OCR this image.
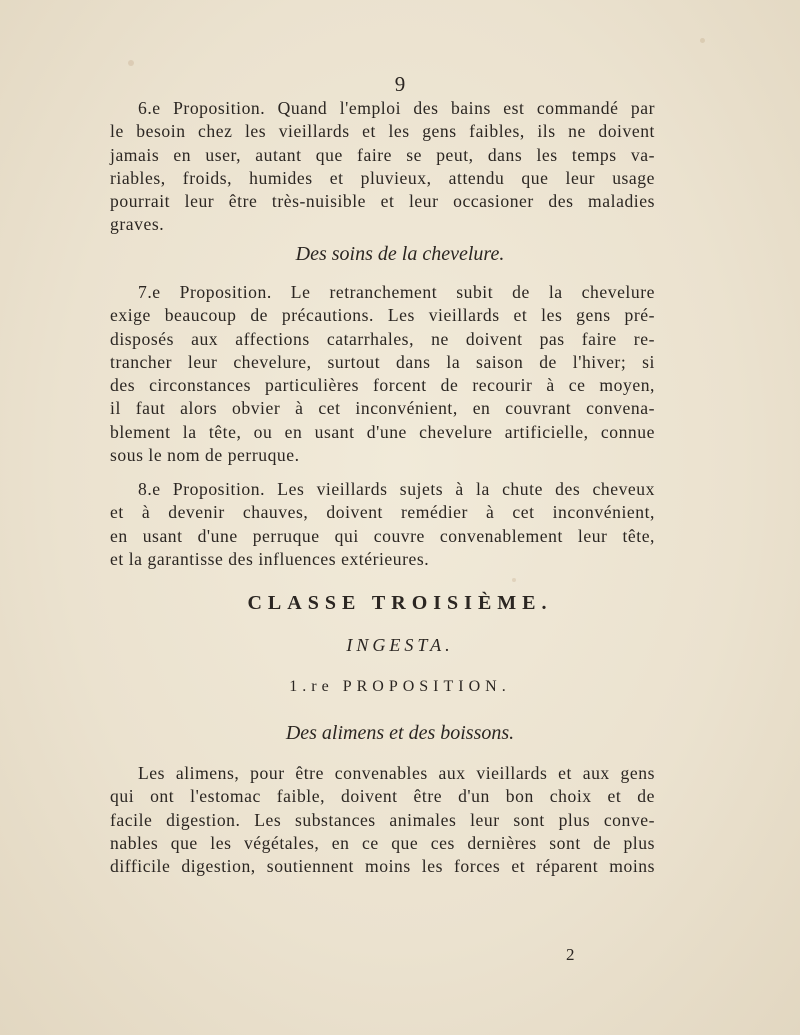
9
6.e Proposition. Quand l'emploi des bains est commandé par
le besoin chez les vieillards et les gens faibles, ils ne doivent
jamais en user, autant que faire se peut, dans les temps va-
riables, froids, humides et pluvieux, attendu que leur usage
pourrait leur être très-nuisible et leur occasioner des maladies
graves.
Des soins de la chevelure.
7.e Proposition. Le retranchement subit de la chevelure
exige beaucoup de précautions. Les vieillards et les gens pré-
disposés aux affections catarrhales, ne doivent pas faire re-
trancher leur chevelure, surtout dans la saison de l'hiver; si
des circonstances particulières forcent de recourir à ce moyen,
il faut alors obvier à cet inconvénient, en couvrant convena-
blement la tête, ou en usant d'une chevelure artificielle, connue
sous le nom de perruque.
8.e Proposition. Les vieillards sujets à la chute des cheveux
et à devenir chauves, doivent remédier à cet inconvénient,
en usant d'une perruque qui couvre convenablement leur tête,
et la garantisse des influences extérieures.
CLASSE TROISIÈME.
INGESTA.
1.re PROPOSITION.
Des alimens et des boissons.
Les alimens, pour être convenables aux vieillards et aux gens
qui ont l'estomac faible, doivent être d'un bon choix et de
facile digestion. Les substances animales leur sont plus conve-
nables que les végétales, en ce que ces dernières sont de plus
difficile digestion, soutiennent moins les forces et réparent moins
2
